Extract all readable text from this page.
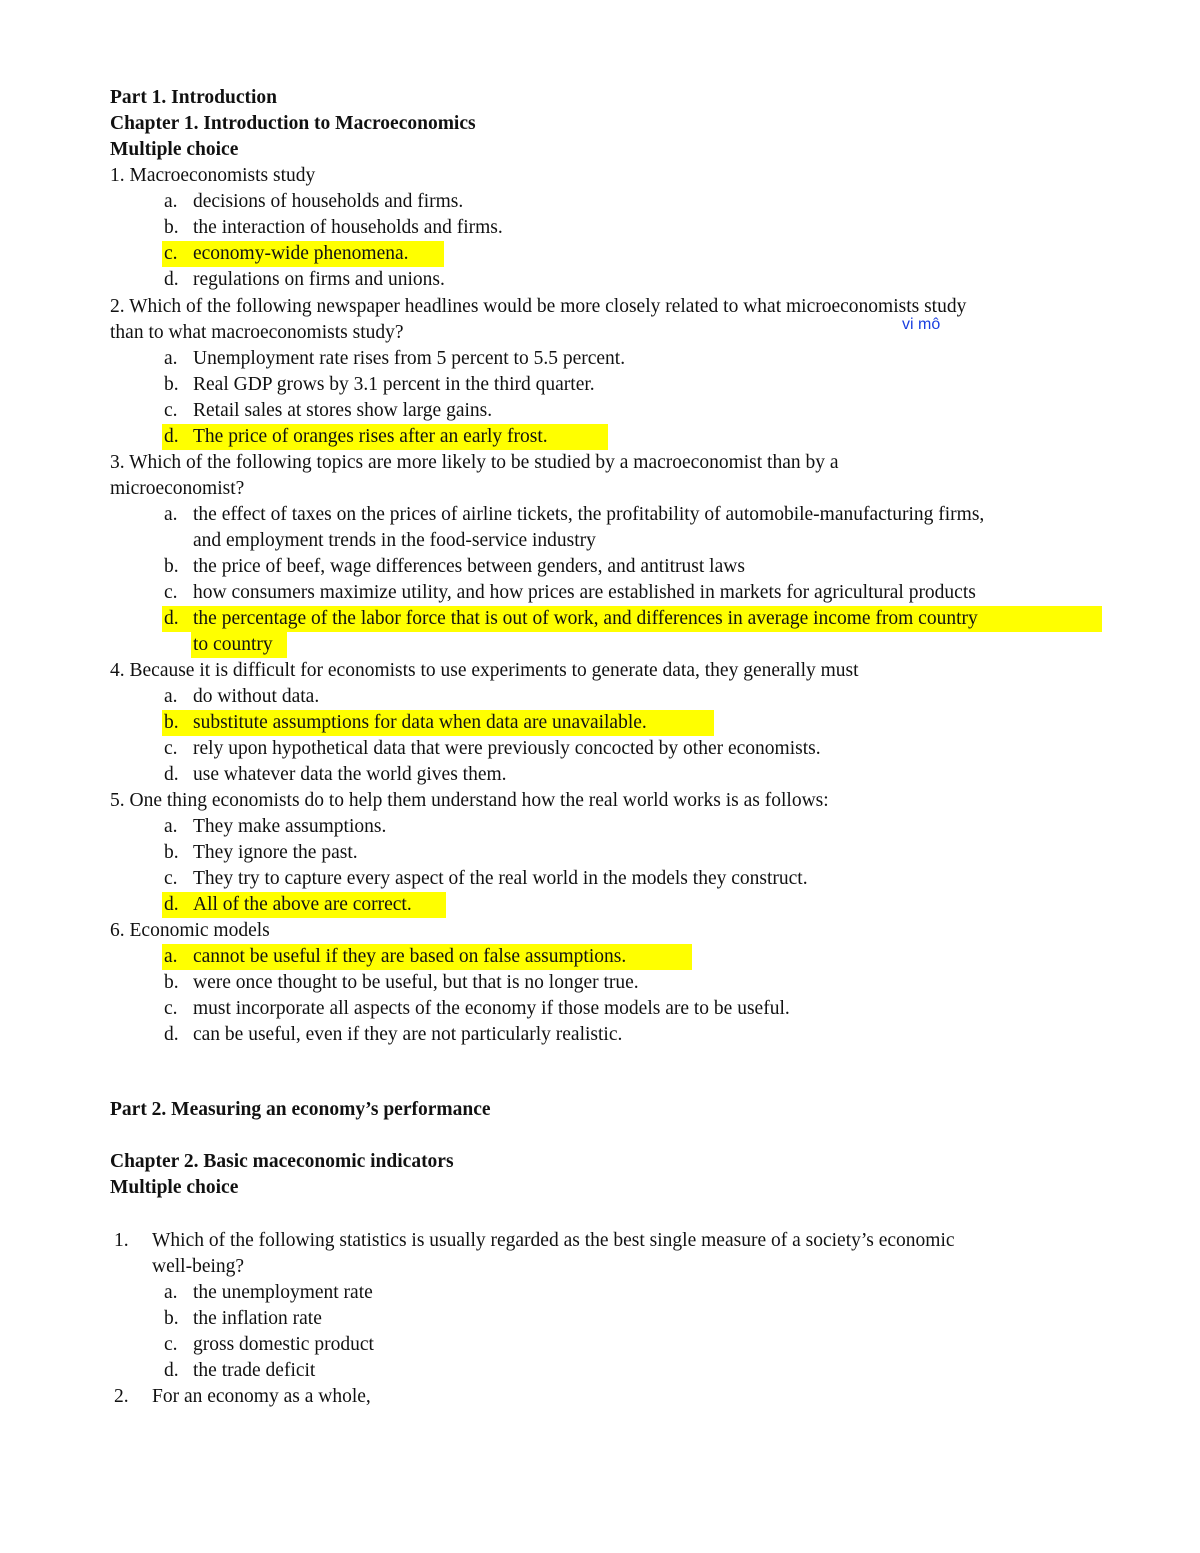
Part 1. Introduction
Chapter 1. Introduction to Macroeconomics
Multiple choice
1. Macroeconomists study
a. decisions of households and firms.
b. the interaction of households and firms.
c. economy-wide phenomena.
d. regulations on firms and unions.
2. Which of the following newspaper headlines would be more closely related to what microeconomists study
than to what macroeconomists study?	vi mô
a. Unemployment rate rises from 5 percent to 5.5 percent.
b. Real GDP grows by 3.1 percent in the third quarter.
c. Retail sales at stores show large gains.
d. The price of oranges rises after an early frost.
3. Which of the following topics are more likely to be studied by a macroeconomist than by a
microeconomist?
a. the effect of taxes on the prices of airline tickets, the profitability of automobile-manufacturing firms,
and employment trends in the food-service industry
b. the price of beef, wage differences between genders, and antitrust laws
c. how consumers maximize utility, and how prices are established in markets for agricultural products
d. the percentage of the labor force that is out of work, and differences in average income from country
to country
4. Because it is difficult for economists to use experiments to generate data, they generally must
a. do without data.
b. substitute assumptions for data when data are unavailable.
c. rely upon hypothetical data that were previously concocted by other economists.
d. use whatever data the world gives them.
5. One thing economists do to help them understand how the real world works is as follows:
a. They make assumptions.
b. They ignore the past.
c. They try to capture every aspect of the real world in the models they construct.
d. All of the above are correct.
6. Economic models
a. cannot be useful if they are based on false assumptions.
b. were once thought to be useful, but that is no longer true.
c. must incorporate all aspects of the economy if those models are to be useful.
d. can be useful, even if they are not particularly realistic.
Part 2. Measuring an economy’s performance
Chapter 2. Basic maceconomic indicators
Multiple choice
1. Which of the following statistics is usually regarded as the best single measure of a society’s economic
well-being?
a. the unemployment rate
b. the inflation rate
c. gross domestic product
d. the trade deficit
2. For an economy as a whole,
